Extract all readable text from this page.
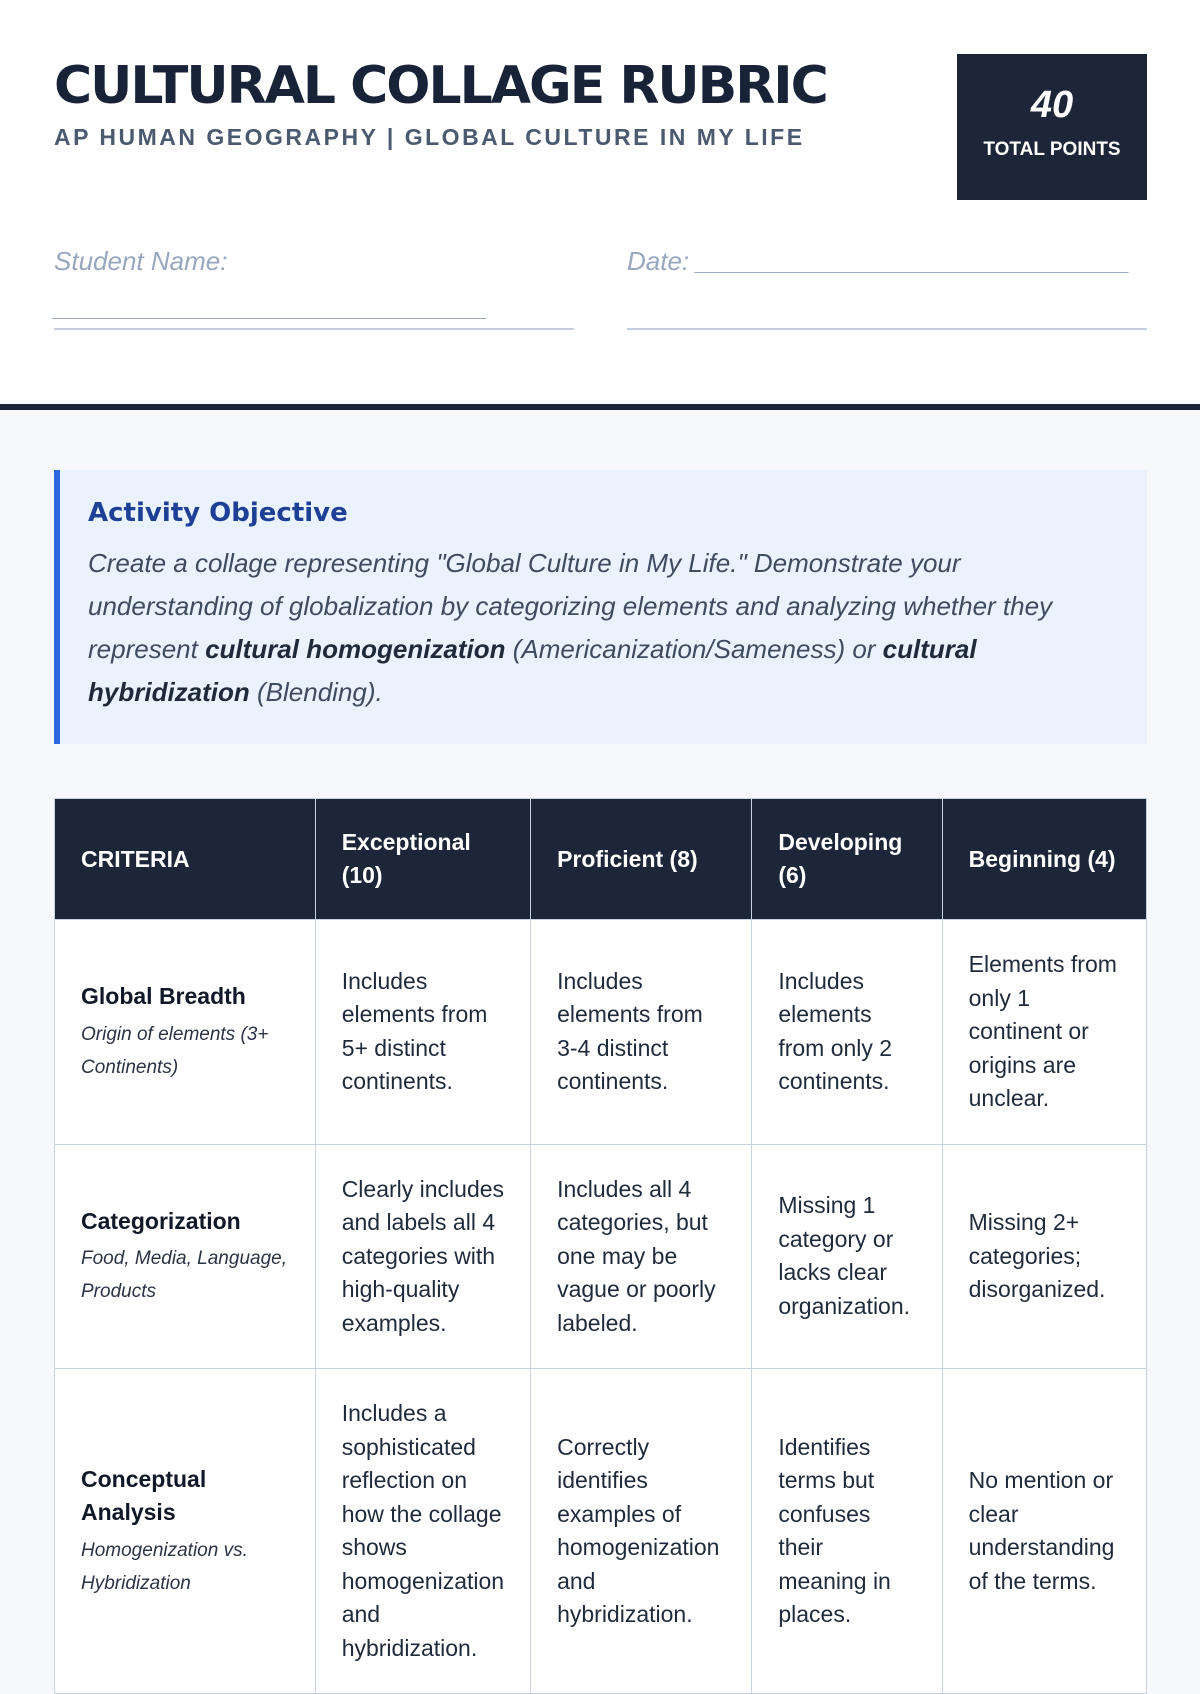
CULTURAL COLLAGE RUBRIC
AP HUMAN GEOGRAPHY | GLOBAL CULTURE IN MY LIFE
40
TOTAL POINTS
Student Name: ______________________________
Date: ______________________________
Activity Objective
Create a collage representing "Global Culture in My Life." Demonstrate your understanding of globalization by categorizing elements and analyzing whether they represent cultural homogenization (Americanization/Sameness) or cultural hybridization (Blending).
CRITERIA	Exceptional (10)	Proficient (8)	Developing (6)	Beginning (4)

Global Breadth
Origin of elements (3+ Continents)	Includes elements from 5+ distinct continents.	Includes elements from 3-4 distinct continents.	Includes elements from only 2 continents.	Elements from only 1 continent or origins are unclear.

Categorization
Food, Media, Language, Products	Clearly includes and labels all 4 categories with high-quality examples.	Includes all 4 categories, but one may be vague or poorly labeled.	Missing 1 category or lacks clear organization.	Missing 2+ categories; disorganized.

Conceptual Analysis
Homogenization vs. Hybridization	Includes a sophisticated reflection on how the collage shows homogenization and hybridization.	Correctly identifies examples of homogenization and hybridization.	Identifies terms but confuses their meaning in places.	No mention or clear understanding of the terms.
